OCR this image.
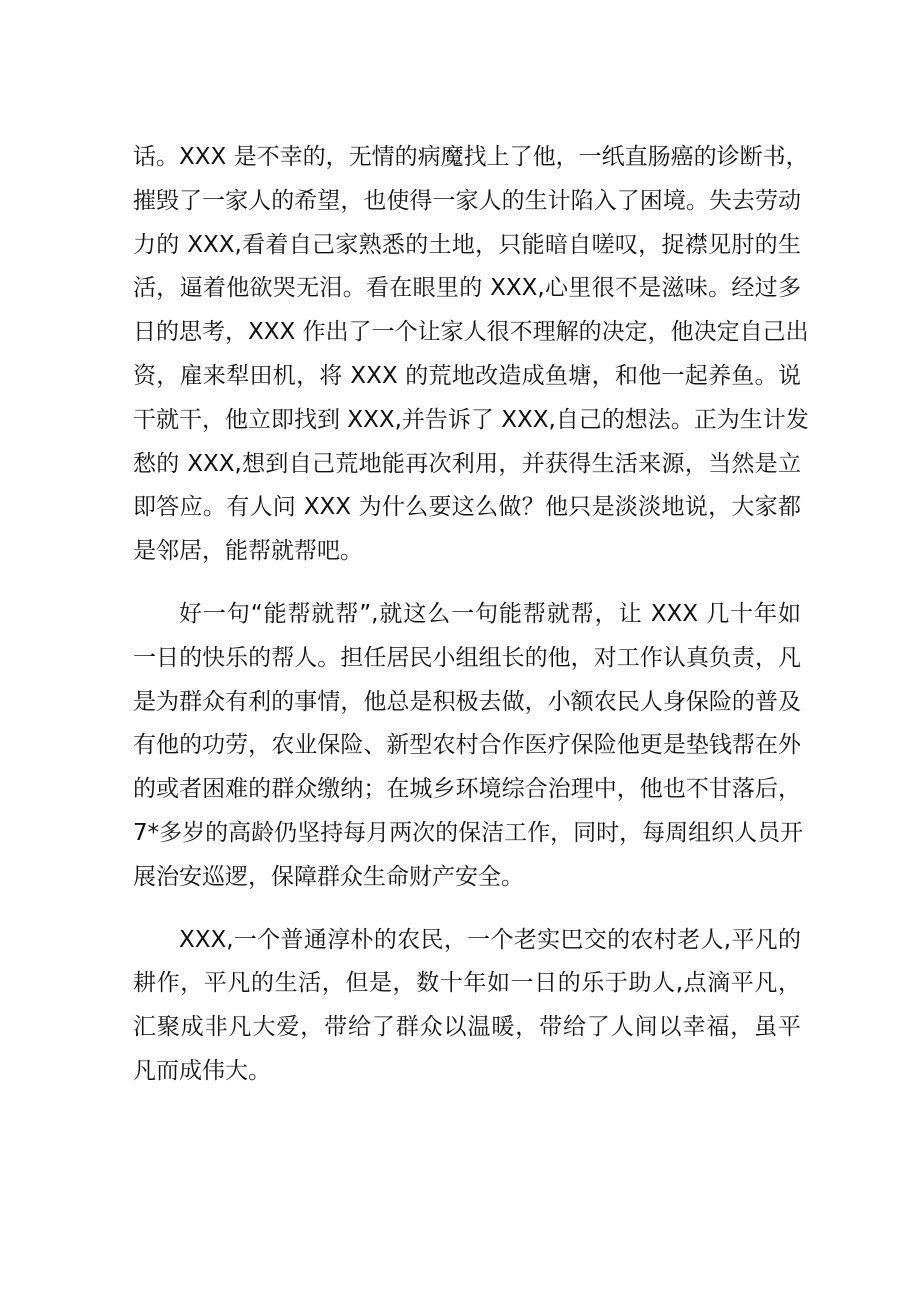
话。XXX 是不幸的，无情的病魔找上了他，一纸直肠癌的诊断书，
摧毁了一家人的希望，也使得一家人的生计陷入了困境。失去劳动
力的 XXX,看着自己家熟悉的土地，只能暗自嗟叹，捉襟见肘的生
活，逼着他欲哭无泪。看在眼里的 XXX,心里很不是滋味。经过多
日的思考，XXX 作出了一个让家人很不理解的决定，他决定自己出
资，雇来犁田机，将 XXX 的荒地改造成鱼塘，和他一起养鱼。说
干就干，他立即找到 XXX,并告诉了 XXX,自己的想法。正为生计发
愁的 XXX,想到自己荒地能再次利用，并获得生活来源，当然是立
即答应。有人问 XXX 为什么要这么做？他只是淡淡地说，大家都
是邻居，能帮就帮吧。
好一句“能帮就帮”,就这么一句能帮就帮，让 XXX 几十年如
一日的快乐的帮人。担任居民小组组长的他，对工作认真负责，凡
是为群众有利的事情，他总是积极去做，小额农民人身保险的普及
有他的功劳，农业保险、新型农村合作医疗保险他更是垫钱帮在外
的或者困难的群众缴纳；在城乡环境综合治理中，他也不甘落后，
7*多岁的高龄仍坚持每月两次的保洁工作，同时，每周组织人员开
展治安巡逻，保障群众生命财产安全。
XXX,一个普通淳朴的农民，一个老实巴交的农村老人,平凡的
耕作，平凡的生活，但是，数十年如一日的乐于助人,点滴平凡，
汇聚成非凡大爱，带给了群众以温暖，带给了人间以幸福，虽平
凡而成伟大。
